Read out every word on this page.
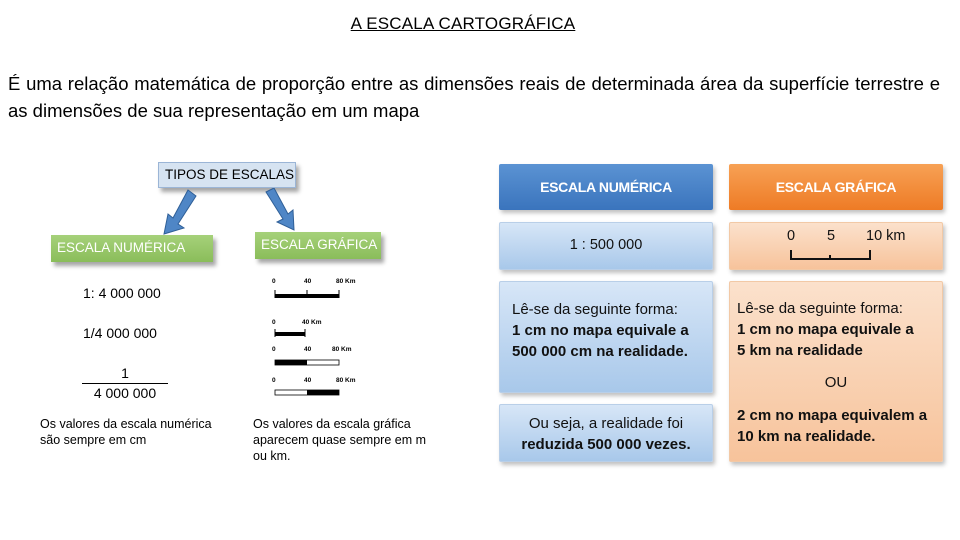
A ESCALA CARTOGRÁFICA
É uma relação matemática de proporção entre as dimensões reais de determinada área da superfície terrestre e as dimensões de sua representação em um mapa
TIPOS DE ESCALAS
ESCALA NUMÉRICA	ESCALA GRÁFICA
1: 4 000 000
1/4 000 000
1
4 000 000
Os valores da escala numérica
são sempre em cm
0	40	80 Km
0	40 Km
0	40	80 Km
0	40	80 Km
Os valores da escala gráfica
aparecem quase sempre em m
ou km.
ESCALA NUMÉRICA
1 : 500 000
Lê-se da seguinte forma:
1 cm no mapa equivale a
500 000 cm na realidade.
Ou seja, a realidade foi
reduzida 500 000 vezes.
ESCALA GRÁFICA
0 5 10 km
Lê-se da seguinte forma:
1 cm no mapa equivale a
5 km na realidade
OU
2 cm no mapa equivalem a
10 km na realidade.
